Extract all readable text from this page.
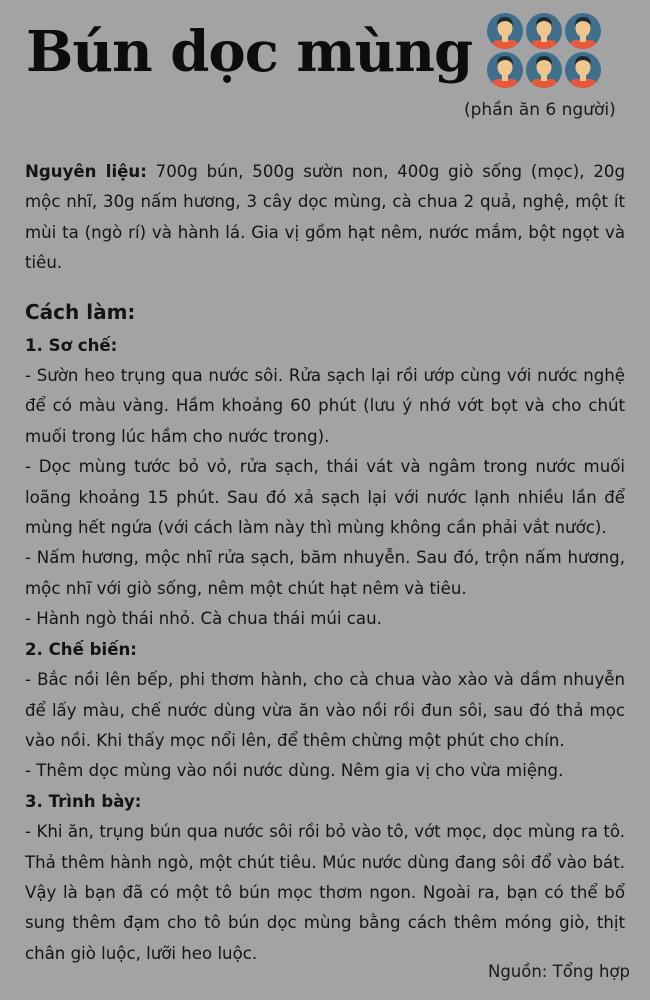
Bún dọc mùng
(phần ăn 6 người)

Nguyên liệu: 700g bún, 500g sườn non, 400g giò sống (mọc), 20g mộc nhĩ, 30g nấm hương, 3 cây dọc mùng, cà chua 2 quả, nghệ, một ít mùi ta (ngò rí) và hành lá. Gia vị gồm hạt nêm, nước mắm, bột ngọt và tiêu.

Cách làm:
1. Sơ chế:

- Sườn heo trụng qua nước sôi. Rửa sạch lại rồi ướp cùng với nước nghệ để có màu vàng. Hầm khoảng 60 phút (lưu ý nhớ vớt bọt và cho chút muối trong lúc hầm cho nước trong).

- Dọc mùng tước bỏ vỏ, rửa sạch, thái vát và ngâm trong nước muối loãng khoảng 15 phút. Sau đó xả sạch lại với nước lạnh nhiều lần để mùng hết ngứa (với cách làm này thì mùng không cần phải vắt nước).

- Nấm hương, mộc nhĩ rửa sạch, băm nhuyễn. Sau đó, trộn nấm hương, mộc nhĩ với giò sống, nêm một chút hạt nêm và tiêu.

- Hành ngò thái nhỏ. Cà chua thái múi cau.

2. Chế biến:

- Bắc nồi lên bếp, phi thơm hành, cho cà chua vào xào và dầm nhuyễn để lấy màu, chế nước dùng vừa ăn vào nồi rồi đun sôi, sau đó thả mọc vào nồi. Khi thấy mọc nổi lên, để thêm chừng một phút cho chín.

- Thêm dọc mùng vào nồi nước dùng. Nêm gia vị cho vừa miệng.

3. Trình bày:

- Khi ăn, trụng bún qua nước sôi rồi bỏ vào tô, vớt mọc, dọc mùng ra tô. Thả thêm hành ngò, một chút tiêu. Múc nước dùng đang sôi đổ vào bát. Vậy là bạn đã có một tô bún mọc thơm ngon. Ngoài ra, bạn có thể bổ sung thêm đạm cho tô bún dọc mùng bằng cách thêm móng giò, thịt chân giò luộc, lưỡi heo luộc.

Nguồn: Tổng hợp
